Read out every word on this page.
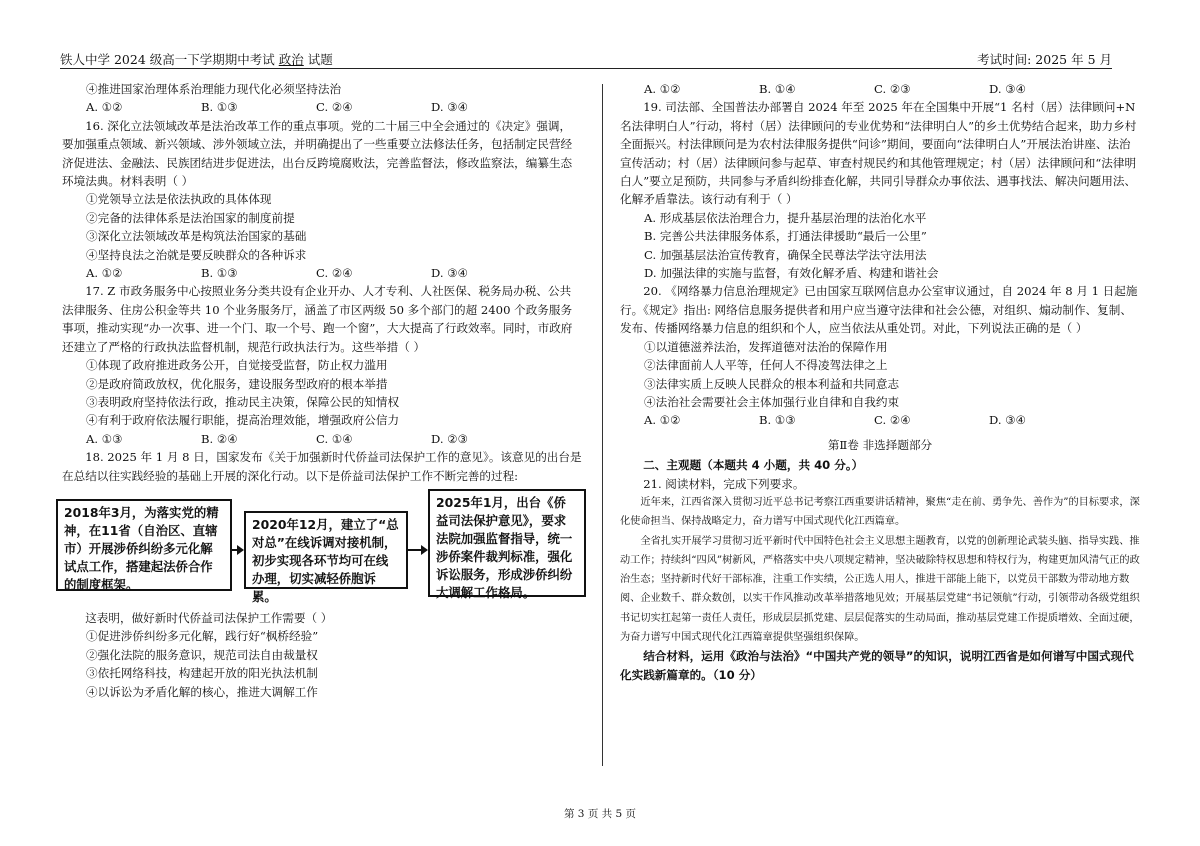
铁人中学 2024 级高一下学期期中考试 政治 试题	考试时间: 2025 年 5 月

④推进国家治理体系治理能力现代化必须坚持法治

A. ①②	B. ①③	C. ②④	D. ③④

16. 深化立法领域改革是法治改革工作的重点事项。党的二十届三中全会通过的《决定》强调，要加强重点领域、新兴领域、涉外领域立法，并明确提出了一些重要立法修法任务，包括制定民营经济促进法、金融法、民族团结进步促进法，出台反跨境腐败法，完善监督法，修改监察法，编纂生态环境法典。材料表明（ ）

①党领导立法是依法执政的具体体现

②完备的法律体系是法治国家的制度前提

③深化立法领域改革是构筑法治国家的基础

④坚持良法之治就是要反映群众的各种诉求

A. ①②	B. ①③	C. ②④	D. ③④

17. Z 市政务服务中心按照业务分类共设有企业开办、人才专利、人社医保、税务局办税、公共法律服务、住房公积金等共 10 个业务服务厅，涵盖了市区两级 50 多个部门的超 2400 个政务服务事项，推动实现“办一次事、进一个门、取一个号、跑一个窗”，大大提高了行政效率。同时，市政府还建立了严格的行政执法监督机制，规范行政执法行为。这些举措（ ）

①体现了政府推进政务公开，自觉接受监督，防止权力滥用

②是政府简政放权，优化服务，建设服务型政府的根本举措

③表明政府坚持依法行政，推动民主决策，保障公民的知情权

④有利于政府依法履行职能，提高治理效能，增强政府公信力

A. ①③	B. ②④	C. ①④	D. ②③

18. 2025 年 1 月 8 日，国家发布《关于加强新时代侨益司法保护工作的意见》。该意见的出台是在总结以往实践经验的基础上开展的深化行动。以下是侨益司法保护工作不断完善的过程:

2018年3月，为落实党的精神，在11省（自治区、直辖市）开展涉侨纠纷多元化解试点工作，搭建起法侨合作的制度框架。
2020年12月，建立了“总对总”在线诉调对接机制，初步实现各环节均可在线办理，切实减轻侨胞诉累。
2025年1月，出台《侨益司法保护意见》，要求法院加强监督指导，统一涉侨案件裁判标准，强化诉讼服务，形成涉侨纠纷大调解工作格局。

这表明，做好新时代侨益司法保护工作需要（ ）

①促进涉侨纠纷多元化解，践行好“枫桥经验”

②强化法院的服务意识，规范司法自由裁量权

③依托网络科技，构建起开放的阳光执法机制

④以诉讼为矛盾化解的核心，推进大调解工作

A. ①②	B. ①④	C. ②③	D. ③④

19. 司法部、全国普法办部署自 2024 年至 2025 年在全国集中开展“1 名村（居）法律顾问+N 名法律明白人”行动，将村（居）法律顾问的专业优势和“法律明白人”的乡土优势结合起来，助力乡村全面振兴。村法律顾问是为农村法律服务提供“问诊”期间，要面向“法律明白人”开展法治讲座、法治宣传活动；村（居）法律顾问参与起草、审查村规民约和其他管理规定；村（居）法律顾问和“法律明白人”要立足预防，共同参与矛盾纠纷排查化解，共同引导群众办事依法、遇事找法、解决问题用法、化解矛盾靠法。该行动有利于（ ）

A. 形成基层依法治理合力，提升基层治理的法治化水平

B. 完善公共法律服务体系，打通法律援助“最后一公里”

C. 加强基层法治宣传教育，确保全民尊法学法守法用法

D. 加强法律的实施与监督，有效化解矛盾、构建和谐社会

20. 《网络暴力信息治理规定》已由国家互联网信息办公室审议通过，自 2024 年 8 月 1 日起施行。《规定》指出: 网络信息服务提供者和用户应当遵守法律和社会公德，对组织、煽动制作、复制、发布、传播网络暴力信息的组织和个人，应当依法从重处罚。对此，下列说法正确的是（ ）

①以道德滋养法治，发挥道德对法治的保障作用

②法律面前人人平等，任何人不得凌驾法律之上

③法律实质上反映人民群众的根本利益和共同意志

④法治社会需要社会主体加强行业自律和自我约束

A. ①②	B. ①③	C. ②④	D. ③④

第Ⅱ卷 非选择题部分

二、主观题（本题共 4 小题，共 40 分。）

21. 阅读材料，完成下列要求。

近年来，江西省深入贯彻习近平总书记考察江西重要讲话精神，聚焦“走在前、勇争先、善作为”的目标要求，深化使命担当、保持战略定力，奋力谱写中国式现代化江西篇章。

全省扎实开展学习贯彻习近平新时代中国特色社会主义思想主题教育，以党的创新理论武装头脑、指导实践、推动工作；持续纠“四风”树新风，严格落实中央八项规定精神，坚决破除特权思想和特权行为，构建更加风清气正的政治生态；坚持新时代好干部标准，注重工作实绩，公正选人用人，推进干部能上能下，以党员干部数为带动地方数阅、企业数千、群众数创，以实干作风推动改革举措落地见效；开展基层党建“书记领航”行动，引领带动各级党组织书记切实扛起第一责任人责任，形成层层抓党建、层层促落实的生动局面，推动基层党建工作提质增效、全面过硬，为奋力谱写中国式现代化江西篇章提供坚强组织保障。

结合材料，运用《政治与法治》“中国共产党的领导”的知识，说明江西省是如何谱写中国式现代化实践新篇章的。（10 分）

第 3 页 共 5 页
